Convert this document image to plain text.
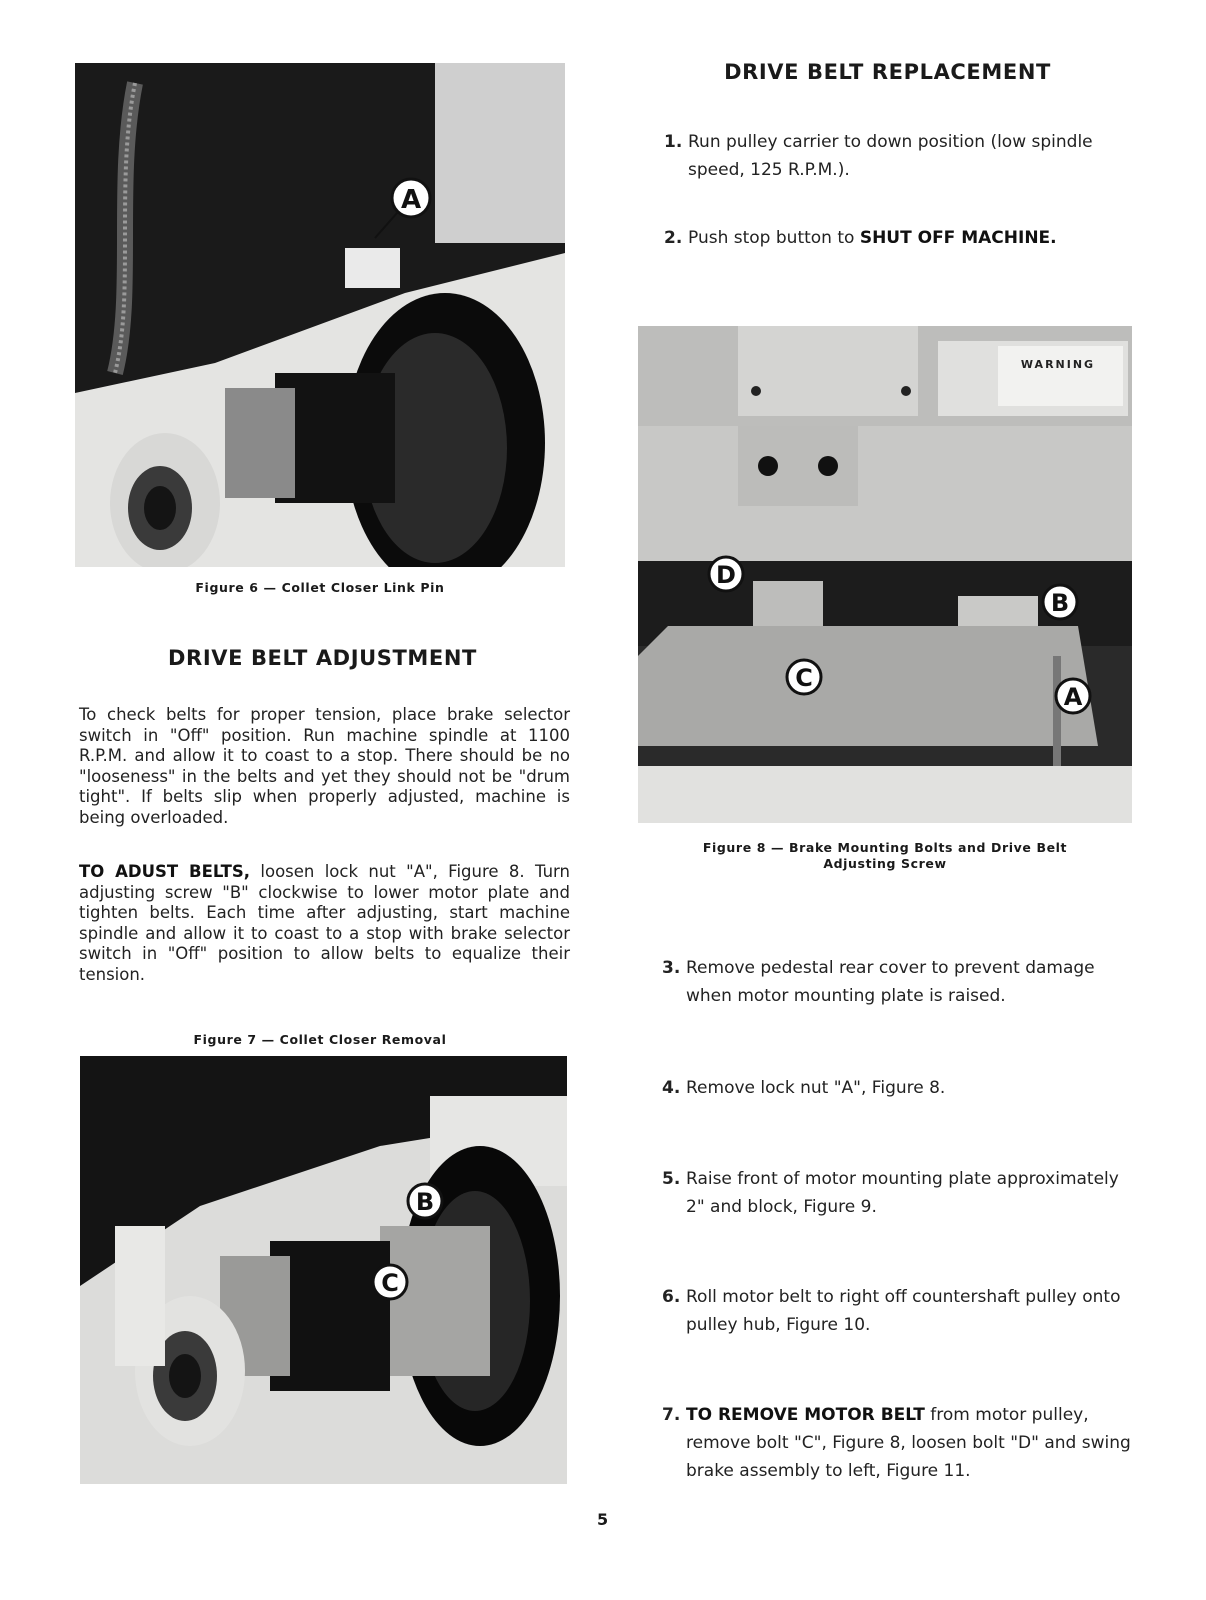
A
Figure 6 — Collet Closer Link Pin
DRIVE BELT ADJUSTMENT

To check belts for proper tension, place brake selector switch in "Off" position. Run machine spindle at 1100 R.P.M. and allow it to coast to a stop. There should be no "looseness" in the belts and yet they should not be "drum tight". If belts slip when properly adjusted, machine is being overloaded.

TO ADUST BELTS, loosen lock nut "A", Figure 8. Turn adjusting screw "B" clockwise to lower motor plate and tighten belts. Each time after adjusting, start machine spindle and allow it to coast to a stop with brake selector switch in "Off" position to allow belts to equalize their tension.

Figure 7 — Collet Closer Removal
B
C
DRIVE BELT REPLACEMENT
1. Run pulley carrier to down position (low spindle speed, 125 R.P.M.).
2. Push stop button to SHUT OFF MACHINE.
WARNING
D
B
C
A
Figure 8 — Brake Mounting Bolts and Drive Belt
Adjusting Screw
3. Remove pedestal rear cover to prevent damage when motor mounting plate is raised.
4. Remove lock nut "A", Figure 8.
5. Raise front of motor mounting plate approximately 2" and block, Figure 9.
6. Roll motor belt to right off countershaft pulley onto pulley hub, Figure 10.
7. TO REMOVE MOTOR BELT from motor pulley, remove bolt "C", Figure 8, loosen bolt "D" and swing brake assembly to left, Figure 11.
5
